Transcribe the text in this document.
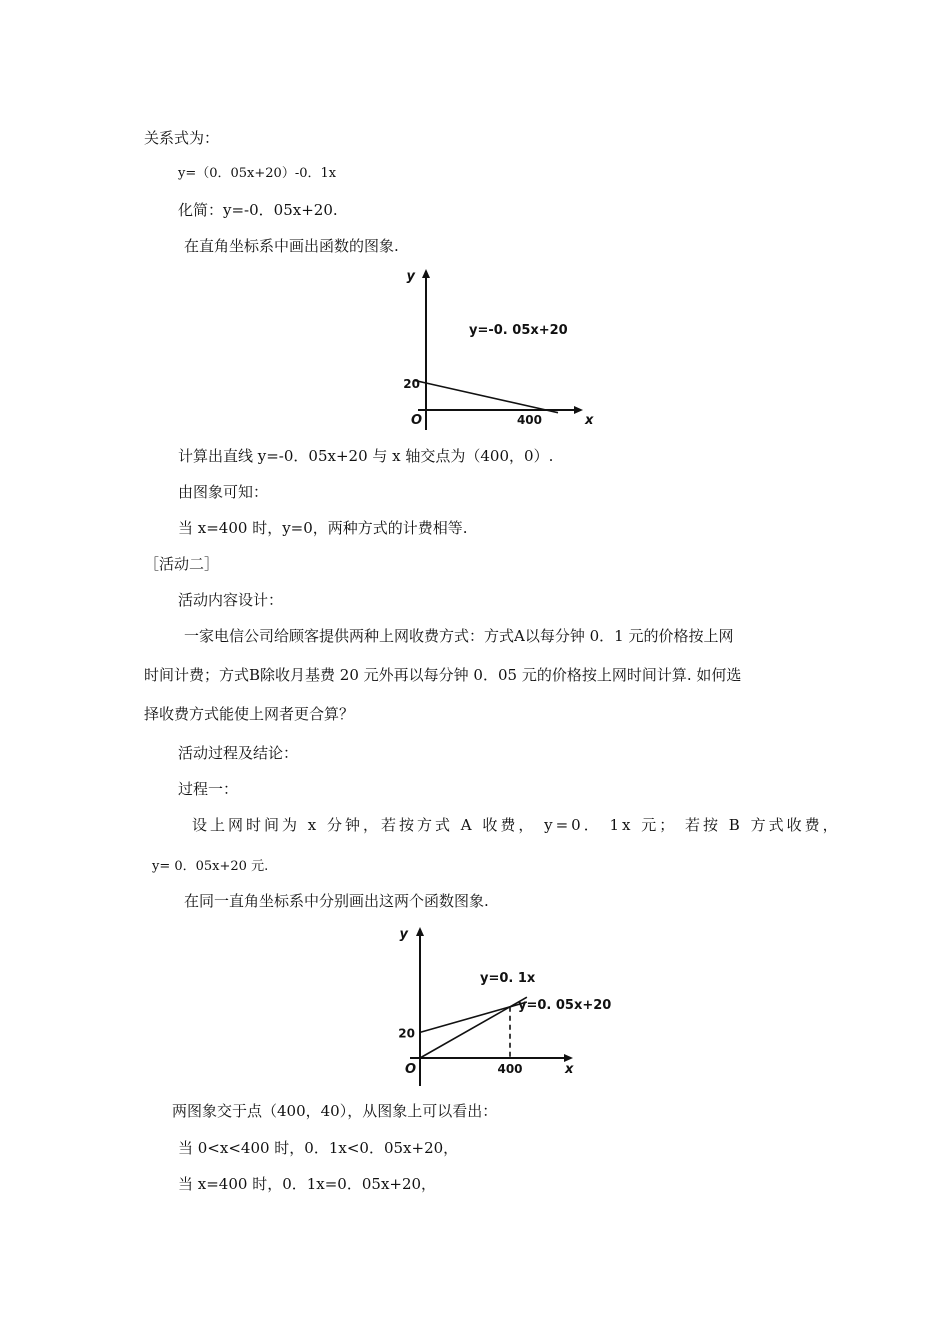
关系式为：
y=（0．05x+20）-0．1x
化简：y=-0．05x+20.
在直角坐标系中画出函数的图象.
y
x
O
20
400
y=-0. 05x+20
计算出直线 y=-0．05x+20 与 x 轴交点为（400，0）.
由图象可知：
当 x=400 时，y=0，两种方式的计费相等.
［活动二］
活动内容设计：
一家电信公司给顾客提供两种上网收费方式：方式A以每分钟 0．1 元的价格按上网
时间计费；方式B除收月基费 20 元外再以每分钟 0．05 元的价格按上网时间计算. 如何选
择收费方式能使上网者更合算？
活动过程及结论：
过程一：
设上网时间为 x 分钟，若按方式 A 收费， y=0． 1x 元； 若按 B 方式收费，
y= 0．05x+20 元.
在同一直角坐标系中分别画出这两个函数图象.
y
x
O
20
400
y=0. 1x
y=0. 05x+20
两图象交于点（400，40），从图象上可以看出：
当 0<x<400 时，0．1x<0．05x+20，
当 x=400 时，0．1x=0．05x+20，
